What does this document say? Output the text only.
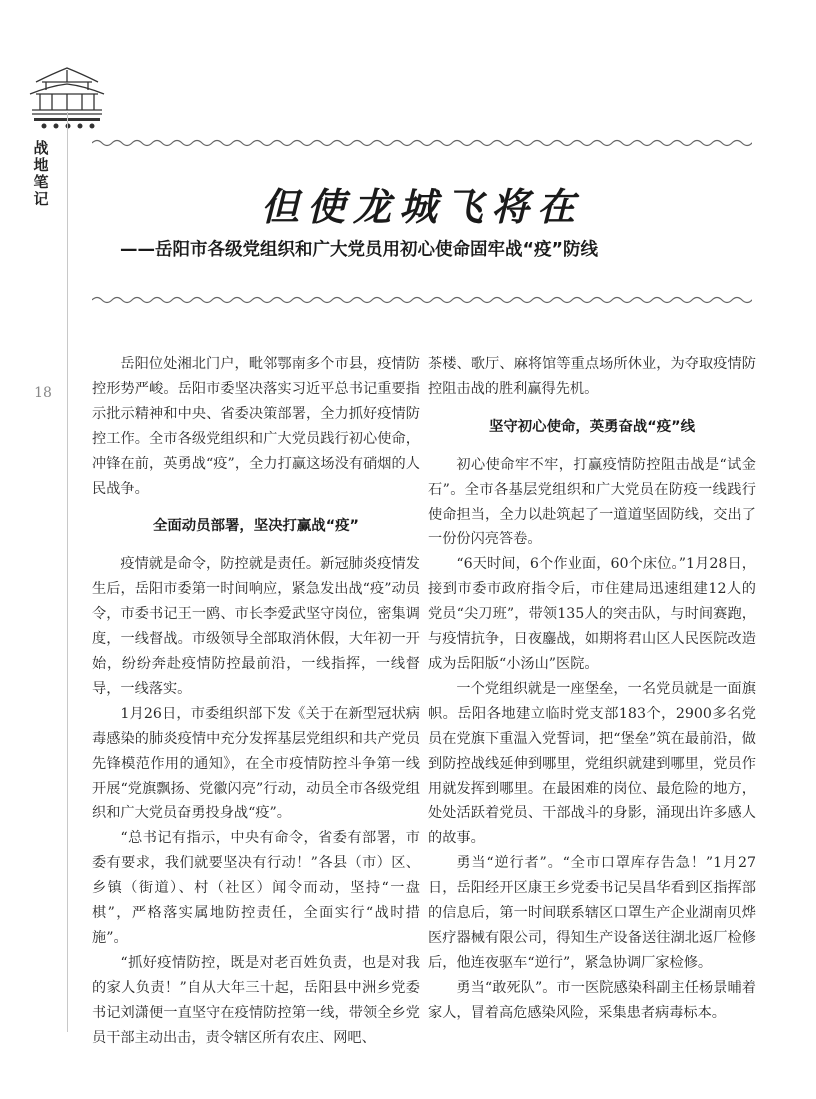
战地笔记
18
但使龙城飞将在
——岳阳市各级党组织和广大党员用初心使命固牢战“疫”防线

岳阳位处湘北门户，毗邻鄂南多个市县，疫情防控形势严峻。岳阳市委坚决落实习近平总书记重要指示批示精神和中央、省委决策部署，全力抓好疫情防控工作。全市各级党组织和广大党员践行初心使命，冲锋在前，英勇战“疫”，全力打赢这场没有硝烟的人民战争。

全面动员部署，坚决打赢战“疫”

疫情就是命令，防控就是责任。新冠肺炎疫情发生后，岳阳市委第一时间响应，紧急发出战“疫”动员令，市委书记王一鸥、市长李爱武坚守岗位，密集调度，一线督战。市级领导全部取消休假，大年初一开始，纷纷奔赴疫情防控最前沿，一线指挥，一线督导，一线落实。

1月26日，市委组织部下发《关于在新型冠状病毒感染的肺炎疫情中充分发挥基层党组织和共产党员先锋模范作用的通知》，在全市疫情防控斗争第一线开展“党旗飘扬、党徽闪亮”行动，动员全市各级党组织和广大党员奋勇投身战“疫”。

“总书记有指示，中央有命令，省委有部署，市委有要求，我们就要坚决有行动！”各县（市）区、乡镇（街道）、村（社区）闻令而动，坚持“一盘棋”，严格落实属地防控责任，全面实行“战时措施”。

“抓好疫情防控，既是对老百姓负责，也是对我的家人负责！”自从大年三十起，岳阳县中洲乡党委书记刘潇便一直坚守在疫情防控第一线，带领全乡党员干部主动出击，责令辖区所有农庄、网吧、

茶楼、歌厅、麻将馆等重点场所休业，为夺取疫情防控阻击战的胜利赢得先机。

坚守初心使命，英勇奋战“疫”线

初心使命牢不牢，打赢疫情防控阻击战是“试金石”。全市各基层党组织和广大党员在防疫一线践行使命担当，全力以赴筑起了一道道坚固防线，交出了一份份闪亮答卷。

“6天时间，6个作业面，60个床位。”1月28日，接到市委市政府指令后，市住建局迅速组建12人的党员“尖刀班”，带领135人的突击队，与时间赛跑，与疫情抗争，日夜鏖战，如期将君山区人民医院改造成为岳阳版“小汤山”医院。

一个党组织就是一座堡垒，一名党员就是一面旗帜。岳阳各地建立临时党支部183个，2900多名党员在党旗下重温入党誓词，把“堡垒”筑在最前沿，做到防控战线延伸到哪里，党组织就建到哪里，党员作用就发挥到哪里。在最困难的岗位、最危险的地方，处处活跃着党员、干部战斗的身影，涌现出许多感人的故事。

勇当“逆行者”。“全市口罩库存告急！”1月27日，岳阳经开区康王乡党委书记吴昌华看到区指挥部的信息后，第一时间联系辖区口罩生产企业湖南贝烨医疗器械有限公司，得知生产设备送往湖北返厂检修后，他连夜驱车“逆行”，紧急协调厂家检修。

勇当“敢死队”。市一医院感染科副主任杨景晡着家人，冒着高危感染风险，采集患者病毒标本。
